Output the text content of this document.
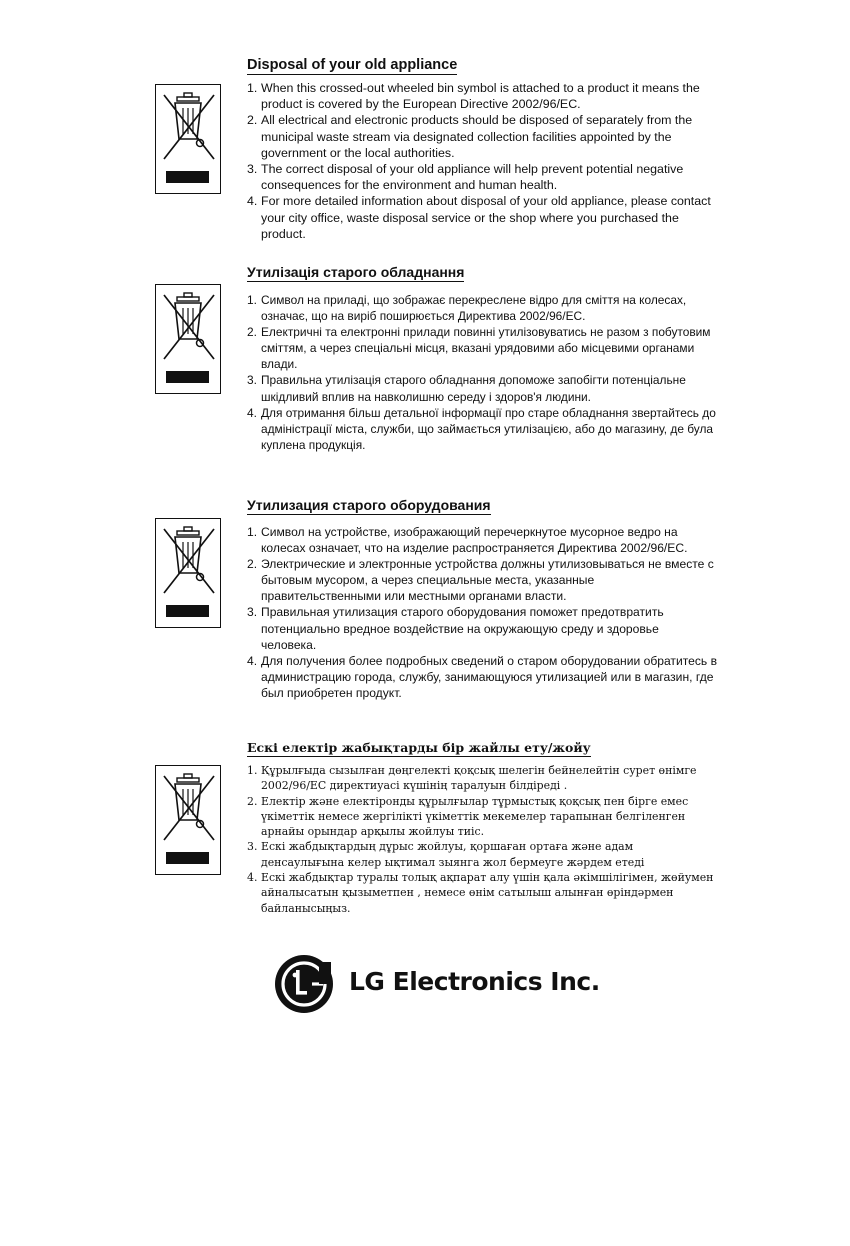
Disposal of your old appliance
When this crossed-out wheeled bin symbol is attached to a product it means the product is covered by the European Directive 2002/96/EC.
All electrical and electronic products should be disposed of separately from the municipal waste stream via designated collection facilities appointed by the government or the local authorities.
The correct disposal of your old appliance will help prevent potential negative consequences for the environment and human health.
For more detailed information about disposal of your old appliance, please contact your city office, waste disposal service or the shop where you purchased the product.
Утилізація старого обладнання
Символ на приладі, що зображає перекреслене відро для сміття на колесах, означає, що на виріб поширюється Директива 2002/96/EC.
Електричні та електронні прилади повинні утилізовуватись не разом з побутовим сміттям, а через спеціальні місця, вказані урядовими або місцевими органами влади.
Правильна утилізація старого обладнання допоможе запобігти потенціальне шкідливий вплив на навколишню середу і здоров'я людини.
Для отримання більш детальної інформації про старе обладнання звертайтесь до адміністрації міста, служби, що займається утилізацією, або до магазину, де була куплена продукція.
Утилизация старого оборудования
Символ на устройстве, изображающий перечеркнутое мусорное ведро на колесах означает, что на изделие распространяется Директива 2002/96/EC.
Электрические и электронные устройства должны утилизовываться не вместе с бытовым мусором, а через специальные места, указанные правительственными или местными органами власти.
Правильная утилизация старого оборудования поможет предотвратить потенциально вредное воздействие на окружающую среду и здоровье человека.
Для получения более подробных сведений о старом оборудовании обратитесь в администрацию города, службу, занимающуюся утилизацией или в магазин, где был приобретен продукт.
Ескі електір жабықтарды бір жайлы ету/жойу
Құрылғыда сызылған дөңгелекті қоқсық шелегін бейнелейтін сурет өнімге 2002/96/EC директиуасі күшінің таралуын білдіреді .
Електір жәнe електіронды құрылғылар тұрмыстық қоқсық пен бірге емес үкіметтік немесе жергілікті үкіметтік мекемелер тарапынан белгіленген арнайы орындар арқылы жойлуы тиіс.
Ескі жабдықтардың дұрыс жойлуы, қоршаған ортаға жәнe адам денсаулығына келер ықтимал зыянга жол бермеуге жәрдем етеді
Ескі жабдықтар туралы толық ақпарат алу үшін қала әкімшілігімен, жөйумен айналысатын қызыметпен , немесе өнім сатылыш алынған өріндәрмен байланысыңыз.
LG Electronics Inc.
